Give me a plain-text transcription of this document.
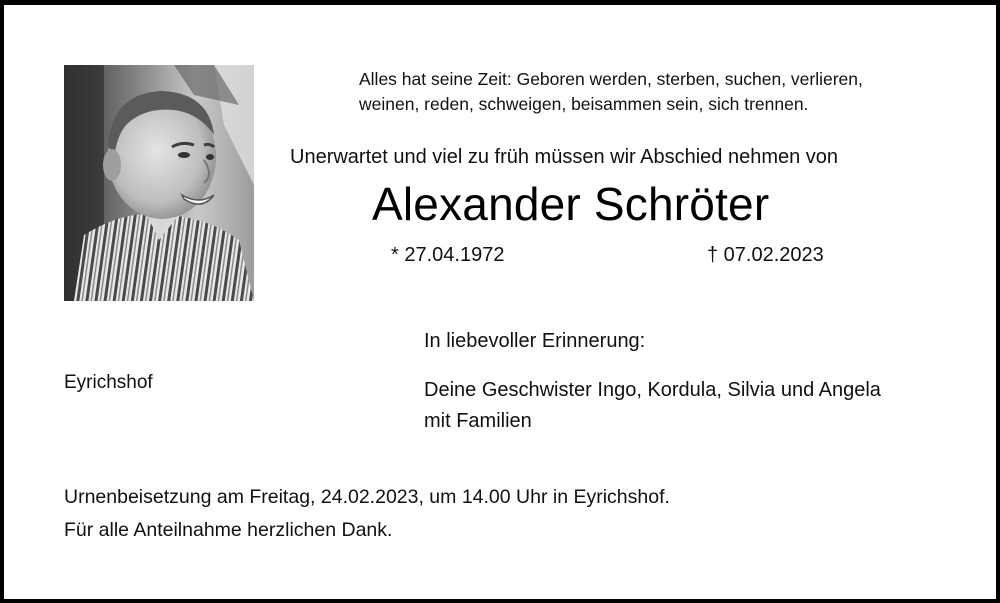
Alles hat seine Zeit: Geboren werden, sterben, suchen, verlieren,
weinen, reden, schweigen, beisammen sein, sich trennen.
Unerwartet und viel zu früh müssen wir Abschied nehmen von
Alexander Schröter
* 27.04.1972	† 07.02.2023
In liebevoller Erinnerung:
Eyrichshof	Deine Geschwister Ingo, Kordula, Silvia und Angela
mit Familien
Urnenbeisetzung am Freitag, 24.02.2023, um 14.00 Uhr in Eyrichshof.
Für alle Anteilnahme herzlichen Dank.
